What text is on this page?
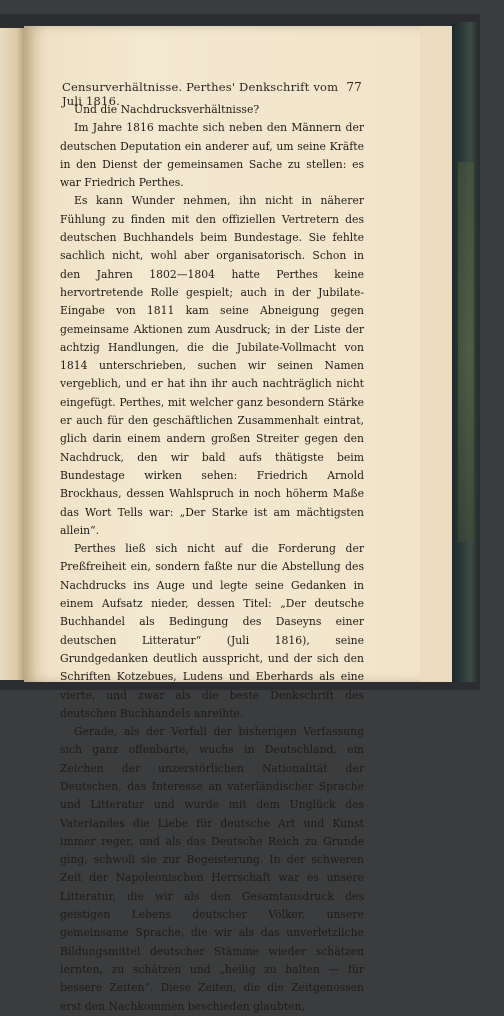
Censurverhältnisse. Perthes' Denkschrift vom Juli 1816.
77

Und die Nachdrucksverhältnisse?

Im Jahre 1816 machte sich neben den Männern der deutschen Deputation ein anderer auf, um seine Kräfte in den Dienst der gemeinsamen Sache zu stellen: es war Friedrich Perthes.

Es kann Wunder nehmen, ihn nicht in näherer Fühlung zu finden mit den offiziellen Vertretern des deutschen Buchhandels beim Bundestage. Sie fehlte sachlich nicht, wohl aber organisatorisch. Schon in den Jahren 1802—1804 hatte Perthes keine hervortretende Rolle gespielt; auch in der Jubilate-Eingabe von 1811 kam seine Abneigung gegen gemeinsame Aktionen zum Ausdruck; in der Liste der achtzig Handlungen, die die Jubilate-Vollmacht von 1814 unterschrieben, suchen wir seinen Namen vergeblich, und er hat ihn ihr auch nachträglich nicht eingefügt. Perthes, mit welcher ganz besondern Stärke er auch für den geschäftlichen Zusammenhalt eintrat, glich darin einem andern großen Streiter gegen den Nachdruck, den wir bald aufs thätigste beim Bundestage wirken sehen: Friedrich Arnold Brockhaus, dessen Wahlspruch in noch höherm Maße das Wort Tells war: „Der Starke ist am mächtigsten allein“.

Perthes ließ sich nicht auf die Forderung der Preßfreiheit ein, sondern faßte nur die Abstellung des Nachdrucks ins Auge und legte seine Gedanken in einem Aufsatz nieder, dessen Titel: „Der deutsche Buchhandel als Bedingung des Daseyns einer deutschen Litteratur“ (Juli 1816), seine Grundgedanken deutlich ausspricht, und der sich den Schriften Kotzebues, Ludens und Eberhards als eine vierte, und zwar als die beste Denkschrift des deutschen Buchhandels anreihte.

Gerade, als der Verfall der bisherigen Verfassung sich ganz offenbarte, wuchs in Deutschland, ein Zeichen der unzerstörlichen Nationalität der Deutschen, das Interesse an vaterländischer Sprache und Litteratur und wurde mit dem Unglück des Vaterlandes die Liebe für deutsche Art und Kunst immer reger, und als das Deutsche Reich zu Grunde ging, schwoll sie zur Begeisterung. In der schweren Zeit der Napoleonischen Herrschaft war es unsere Litteratur, die wir als den Gesamtausdruck des geistigen Lebens deutscher Völker, unsere gemeinsame Sprache, die wir als das unverletzliche Bildungsmittel deutscher Stämme wieder schätzen lernten, zu schätzen und „heilig zu halten — für bessere Zeiten“. Diese Zeiten, die die Zeitgenossen erst den Nachkommen beschieden glaubten,
